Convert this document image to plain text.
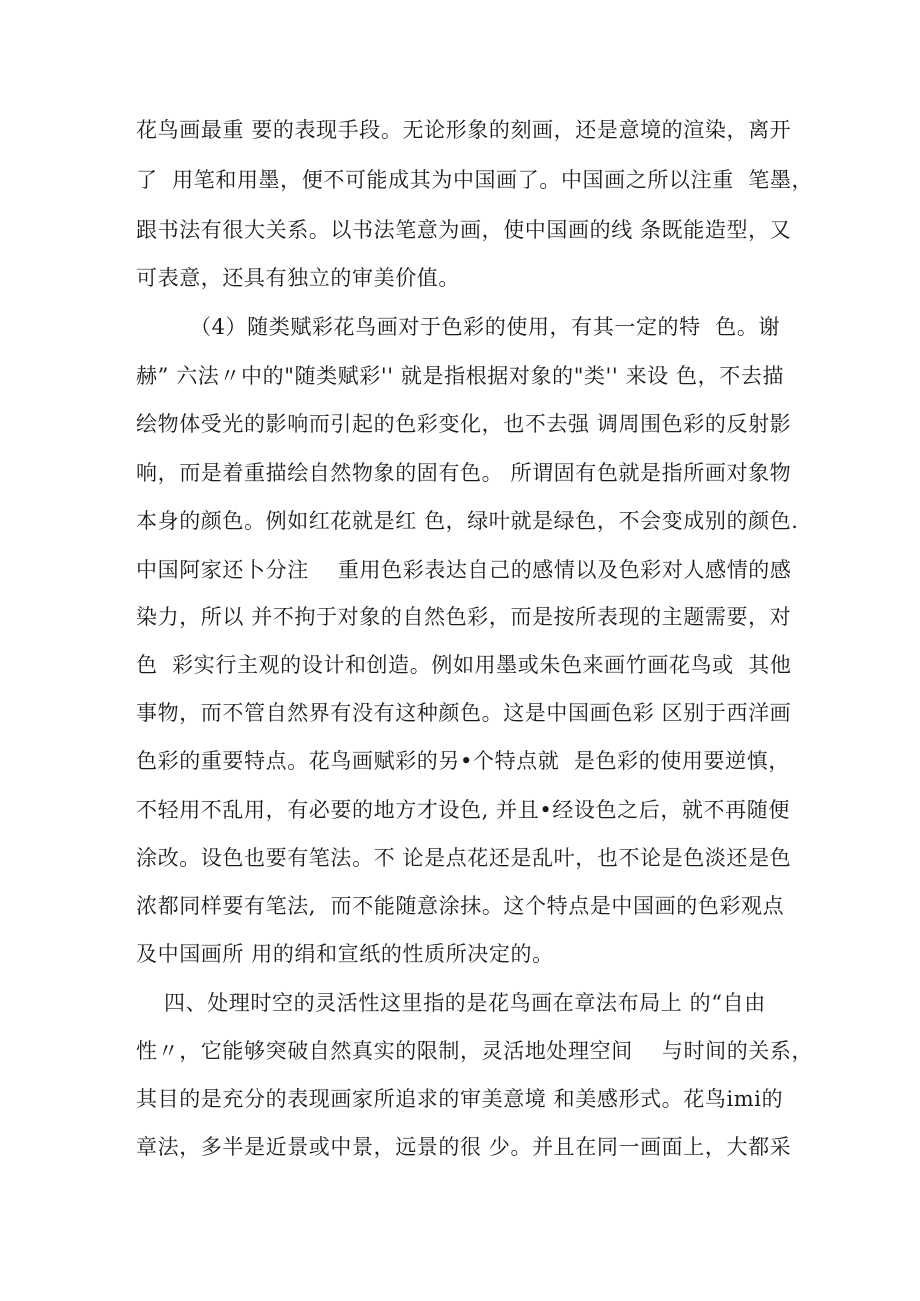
花鸟画最重 要的表现手段。无论形象的刻画，还是意境的渲染，离开
了  用笔和用墨，便不可能成其为中国画了。中国画之所以注重  笔墨，
跟书法有很大关系。以书法笔意为画，使中国画的线 条既能造型，又
可表意，还具有独立的审美价值。
（4）随类赋彩花鸟画对于色彩的使用，有其一定的特  色。谢
赫” 六法〃中的"随类赋彩'' 就是指根据对象的"类'' 来设 色，不去描
绘物体受光的影响而引起的色彩变化，也不去强 调周围色彩的反射影
响，而是着重描绘自然物象的固有色。 所谓固有色就是指所画对象物
本身的颜色。例如红花就是红 色，绿叶就是绿色，不会变成别的颜色.
中国阿家还卜分注    重用色彩表达自己的感情以及色彩对人感情的感
染力，所以 并不拘于对象的自然色彩，而是按所表现的主题需要，对
色  彩实行主观的设计和创造。例如用墨或朱色来画竹画花鸟或  其他
事物，而不管自然界有没有这种颜色。这是中国画色彩 区别于西洋画
色彩的重要特点。花鸟画赋彩的另•个特点就  是色彩的使用要逆慎，
不轻用不乱用，有必要的地方才设色, 并且•经设色之后，就不再随便
涂改。设色也要有笔法。不 论是点花还是乱叶，也不论是色淡还是色
浓都同样要有笔法,  而不能随意涂抹。这个特点是中国画的色彩观点
及中国画所 用的绢和宣纸的性质所决定的。
四、处理时空的灵活性这里指的是花鸟画在章法布局上 的“自由
性〃，它能够突破自然真实的限制，灵活地处理空间    与时间的关系，
其目的是充分的表现画家所追求的审美意境 和美感形式。花鸟imi的
章法，多半是近景或中景，远景的很 少。并且在同一画面上，大都采
